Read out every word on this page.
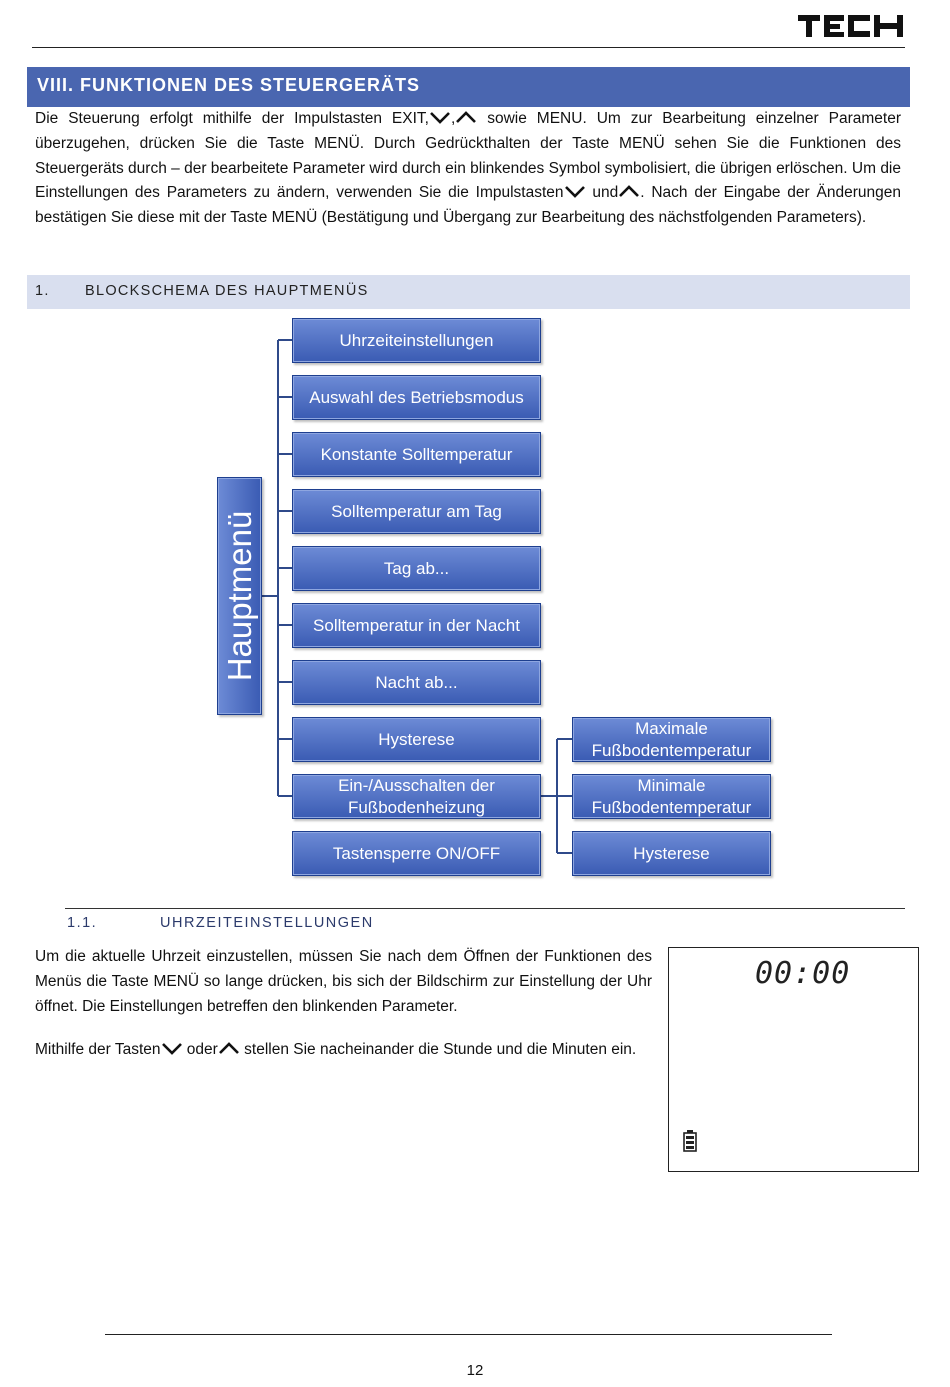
VIII. FUNKTIONEN DES STEUERGERÄTS

Die Steuerung erfolgt mithilfe der Impulstasten EXIT, , sowie MENU. Um zur Bearbeitung einzelner Parameter überzugehen, drücken Sie die Taste MENÜ. Durch Gedrückthalten der Taste MENÜ sehen Sie die Funktionen des Steuergeräts durch – der bearbeitete Parameter wird durch ein blinkendes Symbol symbolisiert, die übrigen erlöschen. Um die Einstellungen des Parameters zu ändern, verwenden Sie die Impulstasten und . Nach der Eingabe der Änderungen bestätigen Sie diese mit der Taste MENÜ (Bestätigung und Übergang zur Bearbeitung des nächstfolgenden Parameters).

1. BLOCKSCHEMA DES HAUPTMENÜS
Hauptmenü
Uhrzeiteinstellungen
Auswahl des Betriebsmodus
Konstante Solltemperatur
Solltemperatur am Tag
Tag ab...
Solltemperatur in der Nacht
Nacht ab...
Hysterese
Ein-/Ausschalten der Fußbodenheizung
Tastensperre ON/OFF
Maximale Fußbodentemperatur
Minimale Fußbodentemperatur
Hysterese
1.1.	UHRZEITEINSTELLUNGEN

Um die aktuelle Uhrzeit einzustellen, müssen Sie nach dem Öffnen der Funktionen des Menüs die Taste MENÜ so lange drücken, bis sich der Bildschirm zur Einstellung der Uhr öffnet. Die Einstellungen betreffen den blinkenden Parameter.

Mithilfe der Tasten oder stellen Sie nacheinander die Stunde und die Minuten ein.

00:00
12
